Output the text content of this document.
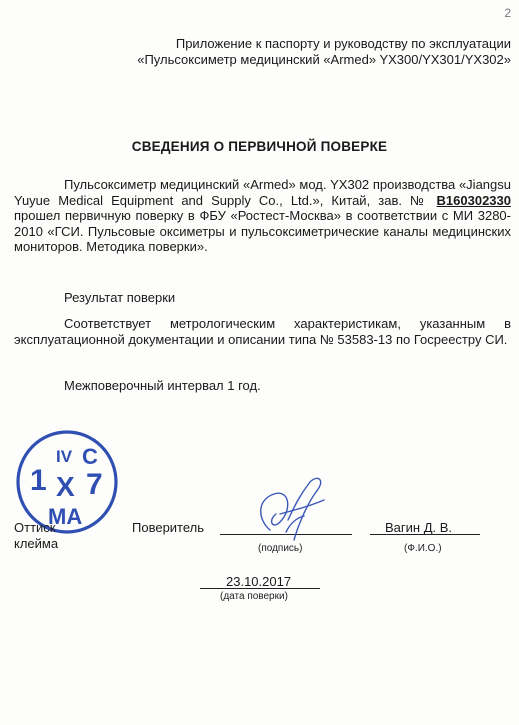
2
Приложение к паспорту и руководству по эксплуатации
«Пульсоксиметр медицинский «Armed» YX300/YX301/YX302»
СВЕДЕНИЯ О ПЕРВИЧНОЙ ПОВЕРКЕ
Пульсоксиметр медицинский «Armed» мод. YX302 производства «Jiangsu Yuyue Medical Equipment and Supply Co., Ltd.», Китай, зав. № B160302330 прошел первичную поверку в ФБУ «Ростест-Москва» в соответствии с МИ 3280-2010 «ГСИ. Пульсовые оксиметры и пульсоксиметрические каналы медицинских мониторов. Методика поверки».
Результат поверки
Соответствует метрологическим характеристикам, указанным в эксплуатационной документации и описании типа № 53583-13 по Госреестру СИ.
Межповерочный интервал 1 год.
IV C
1 X 7
MA
Оттиск
клейма
Поверитель	Вагин Д. В.
(подпись)	(Ф.И.О.)
23.10.2017
(дата поверки)
